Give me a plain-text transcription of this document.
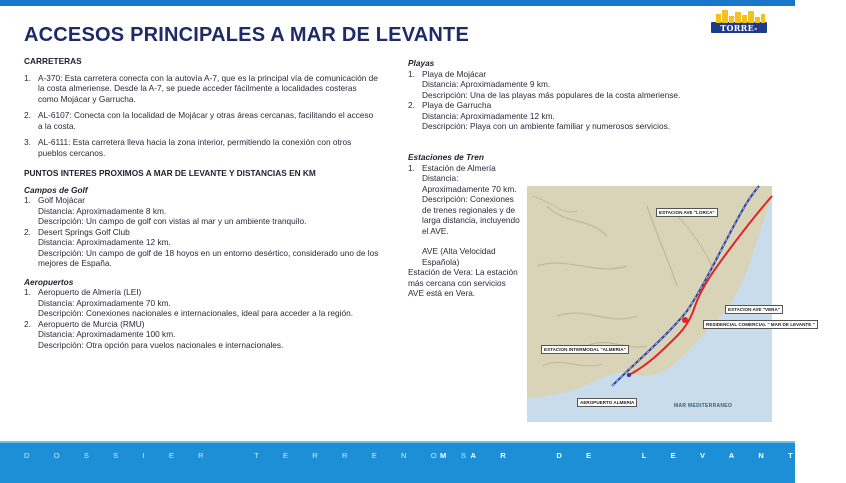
ACCESOS PRINCIPALES A MAR DE LEVANTE	TORRE-FER
CARRETERAS
1. A-370: Esta carretera conecta con la autovía A-7, que es la principal vía de comunicación de la costa almeriense. Desde la A-7, se puede acceder fácilmente a localidades costeras como Mojácar y Garrucha.
2. AL-6107: Conecta con la localidad de Mojácar y otras áreas cercanas, facilitando el acceso a la costa.
3. AL-6111: Esta carretera lleva hacia la zona interior, permitiendo la conexión con otros pueblos cercanos.
PUNTOS INTERES PROXIMOS A MAR DE LEVANTE Y DISTANCIAS EN KM
Campos de Golf
1. Golf Mojácar
Distancia: Aproximadamente 8 km.
Descripción: Un campo de golf con vistas al mar y un ambiente tranquilo.
2. Desert Springs Golf Club
Distancia: Aproximadamente 12 km.
Descripción: Un campo de golf de 18 hoyos en un entorno desértico, considerado uno de los mejores de España.
Aeropuertos
1. Aeropuerto de Almería (LEI)
Distancia: Aproximadamente 70 km.
Descripción: Conexiones nacionales e internacionales, ideal para acceder a la región.
2. Aeropuerto de Murcia (RMU)
Distancia: Aproximadamente 100 km.
Descripción: Otra opción para vuelos nacionales e internacionales.
Playas
1. Playa de Mojácar
Distancia: Aproximadamente 9 km.
Descripción: Una de las playas más populares de la costa almeriense.
2. Playa de Garrucha
Distancia: Aproximadamente 12 km.
Descripción: Playa con un ambiente familiar y numerosos servicios.
Estaciones de Tren
1. Estación de Almería
Distancia: Aproximadamente 70 km.
Descripción: Conexiones de trenes regionales y de larga distancia, incluyendo el AVE.
AVE (Alta Velocidad Española)
Estación de Vera: La estación más cercana con servicios AVE está en Vera.
ESTACION AVE "LORCA"
ESTACION AVE "VERA"
RESIDENCIAL COMERCIAL " MAR DE LEVANTE "
ESTACION INTERMODAL "ALMERIA"
AEROPUERTO ALMERIA
MAR MEDITERRANEO
DOSSIER TERRENOS
MAR DE LEVANTE
